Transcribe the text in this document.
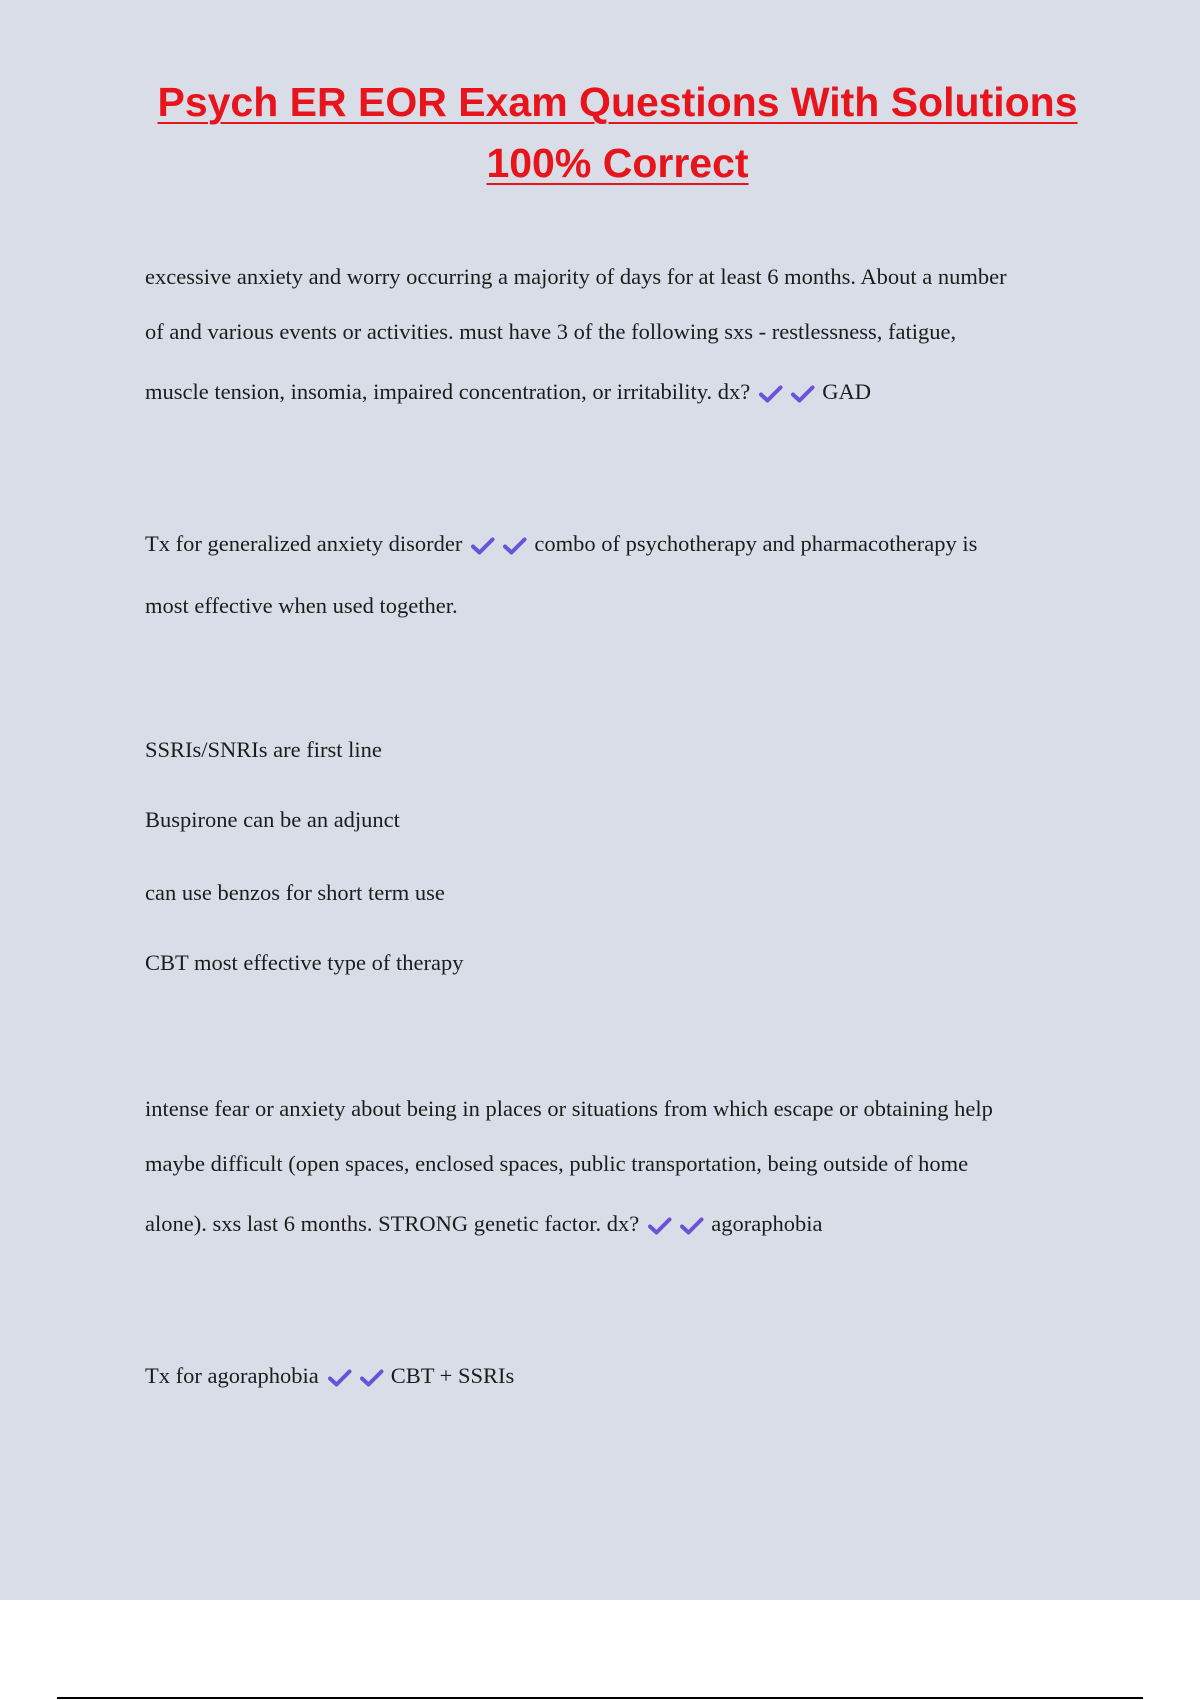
Psych ER EOR Exam Questions With Solutions
100% Correct
excessive anxiety and worry occurring a majority of days for at least 6 months. About a number
of and various events or activities. must have 3 of the following sxs - restlessness, fatigue,
muscle tension, insomia, impaired concentration, or irritability. dx?	GAD
Tx for generalized anxiety disorder	combo of psychotherapy and pharmacotherapy is
most effective when used together.
SSRIs/SNRIs are first line
Buspirone can be an adjunct
can use benzos for short term use
CBT most effective type of therapy
intense fear or anxiety about being in places or situations from which escape or obtaining help
maybe difficult (open spaces, enclosed spaces, public transportation, being outside of home
alone). sxs last 6 months. STRONG genetic factor. dx?	agoraphobia
Tx for agoraphobia	CBT + SSRIs
